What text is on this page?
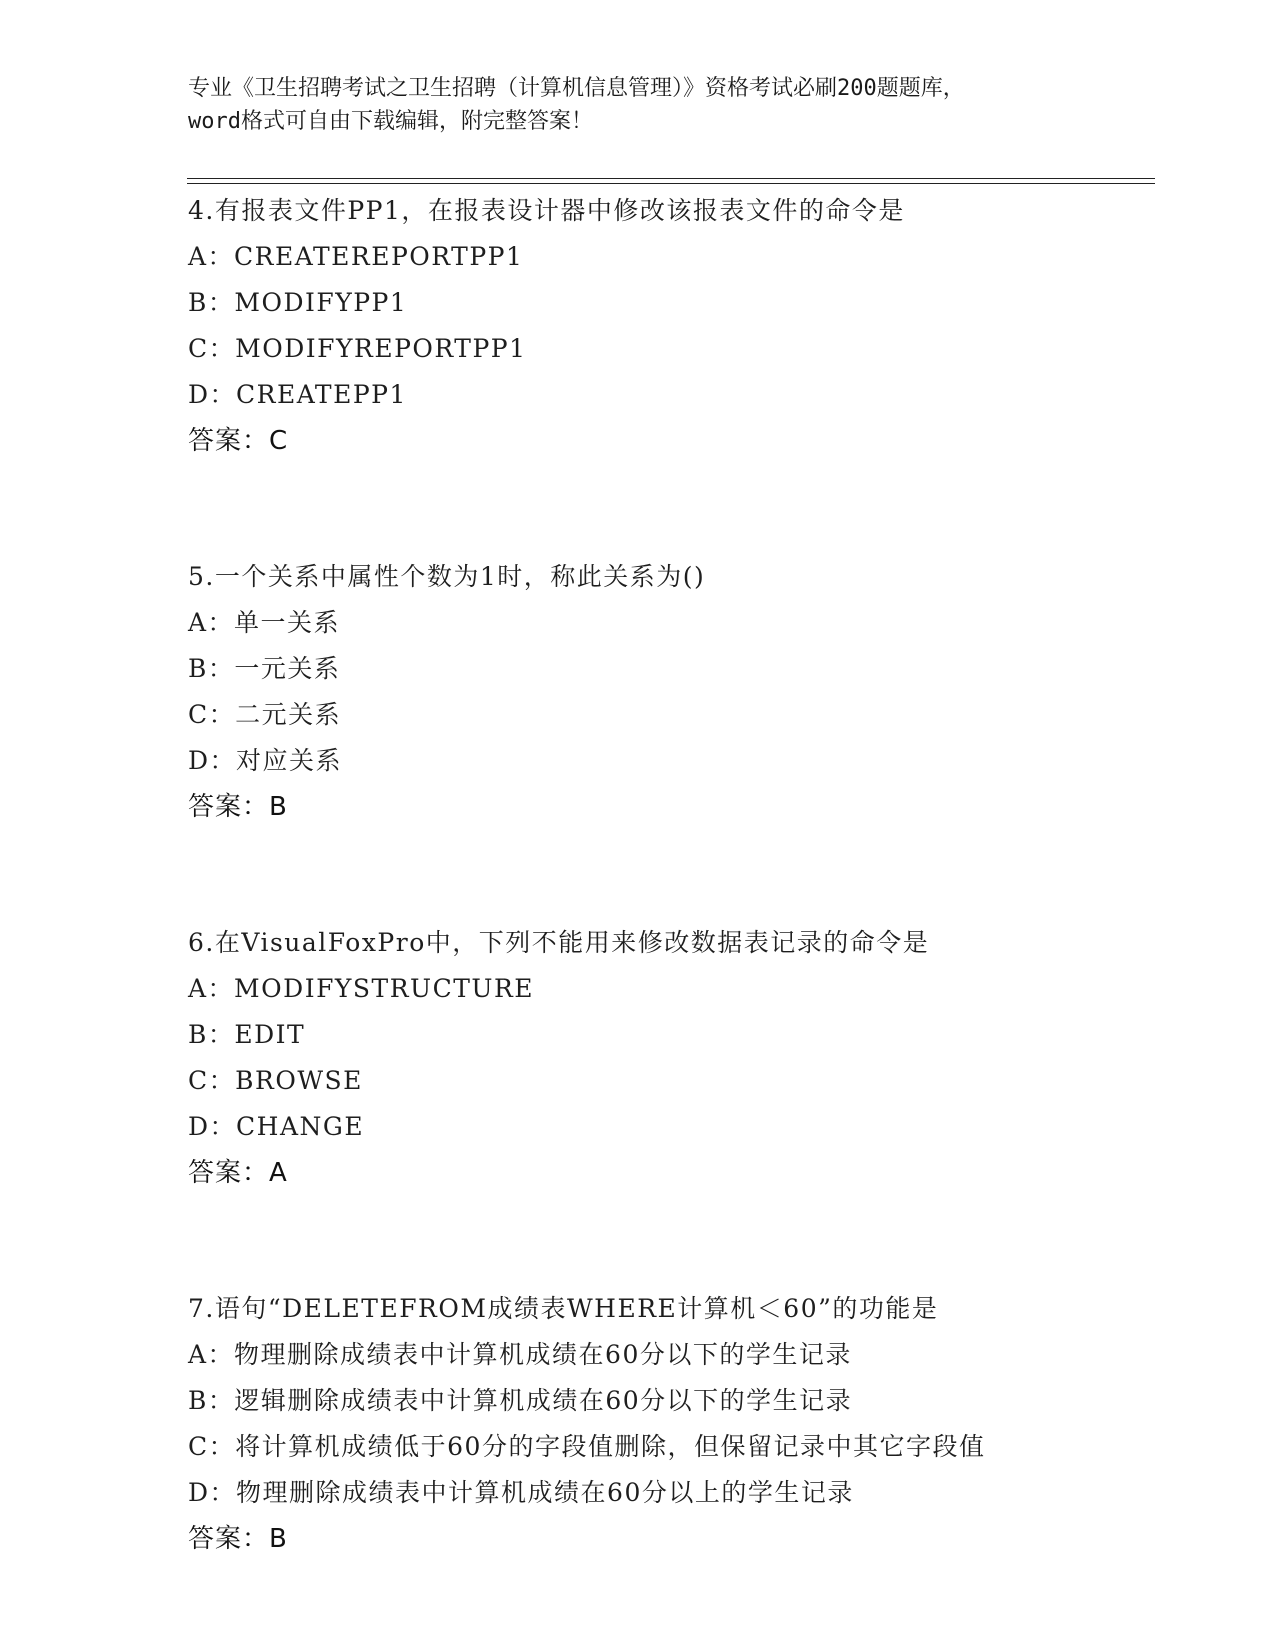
专业《卫生招聘考试之卫生招聘（计算机信息管理）》资格考试必刷200题题库，
word格式可自由下载编辑，附完整答案！
4.有报表文件PP1，在报表设计器中修改该报表文件的命令是
A：CREATEREPORTPP1
B：MODIFYPP1
C：MODIFYREPORTPP1
D：CREATEPP1
答案：C
5.一个关系中属性个数为1时，称此关系为()
A：单一关系
B：一元关系
C：二元关系
D：对应关系
答案：B
6.在VisualFoxPro中，下列不能用来修改数据表记录的命令是
A：MODIFYSTRUCTURE
B：EDIT
C：BROWSE
D：CHANGE
答案：A
7.语句“DELETEFROM成绩表WHERE计算机＜60”的功能是
A：物理删除成绩表中计算机成绩在60分以下的学生记录
B：逻辑删除成绩表中计算机成绩在60分以下的学生记录
C：将计算机成绩低于60分的字段值删除，但保留记录中其它字段值
D：物理删除成绩表中计算机成绩在60分以上的学生记录
答案：B
